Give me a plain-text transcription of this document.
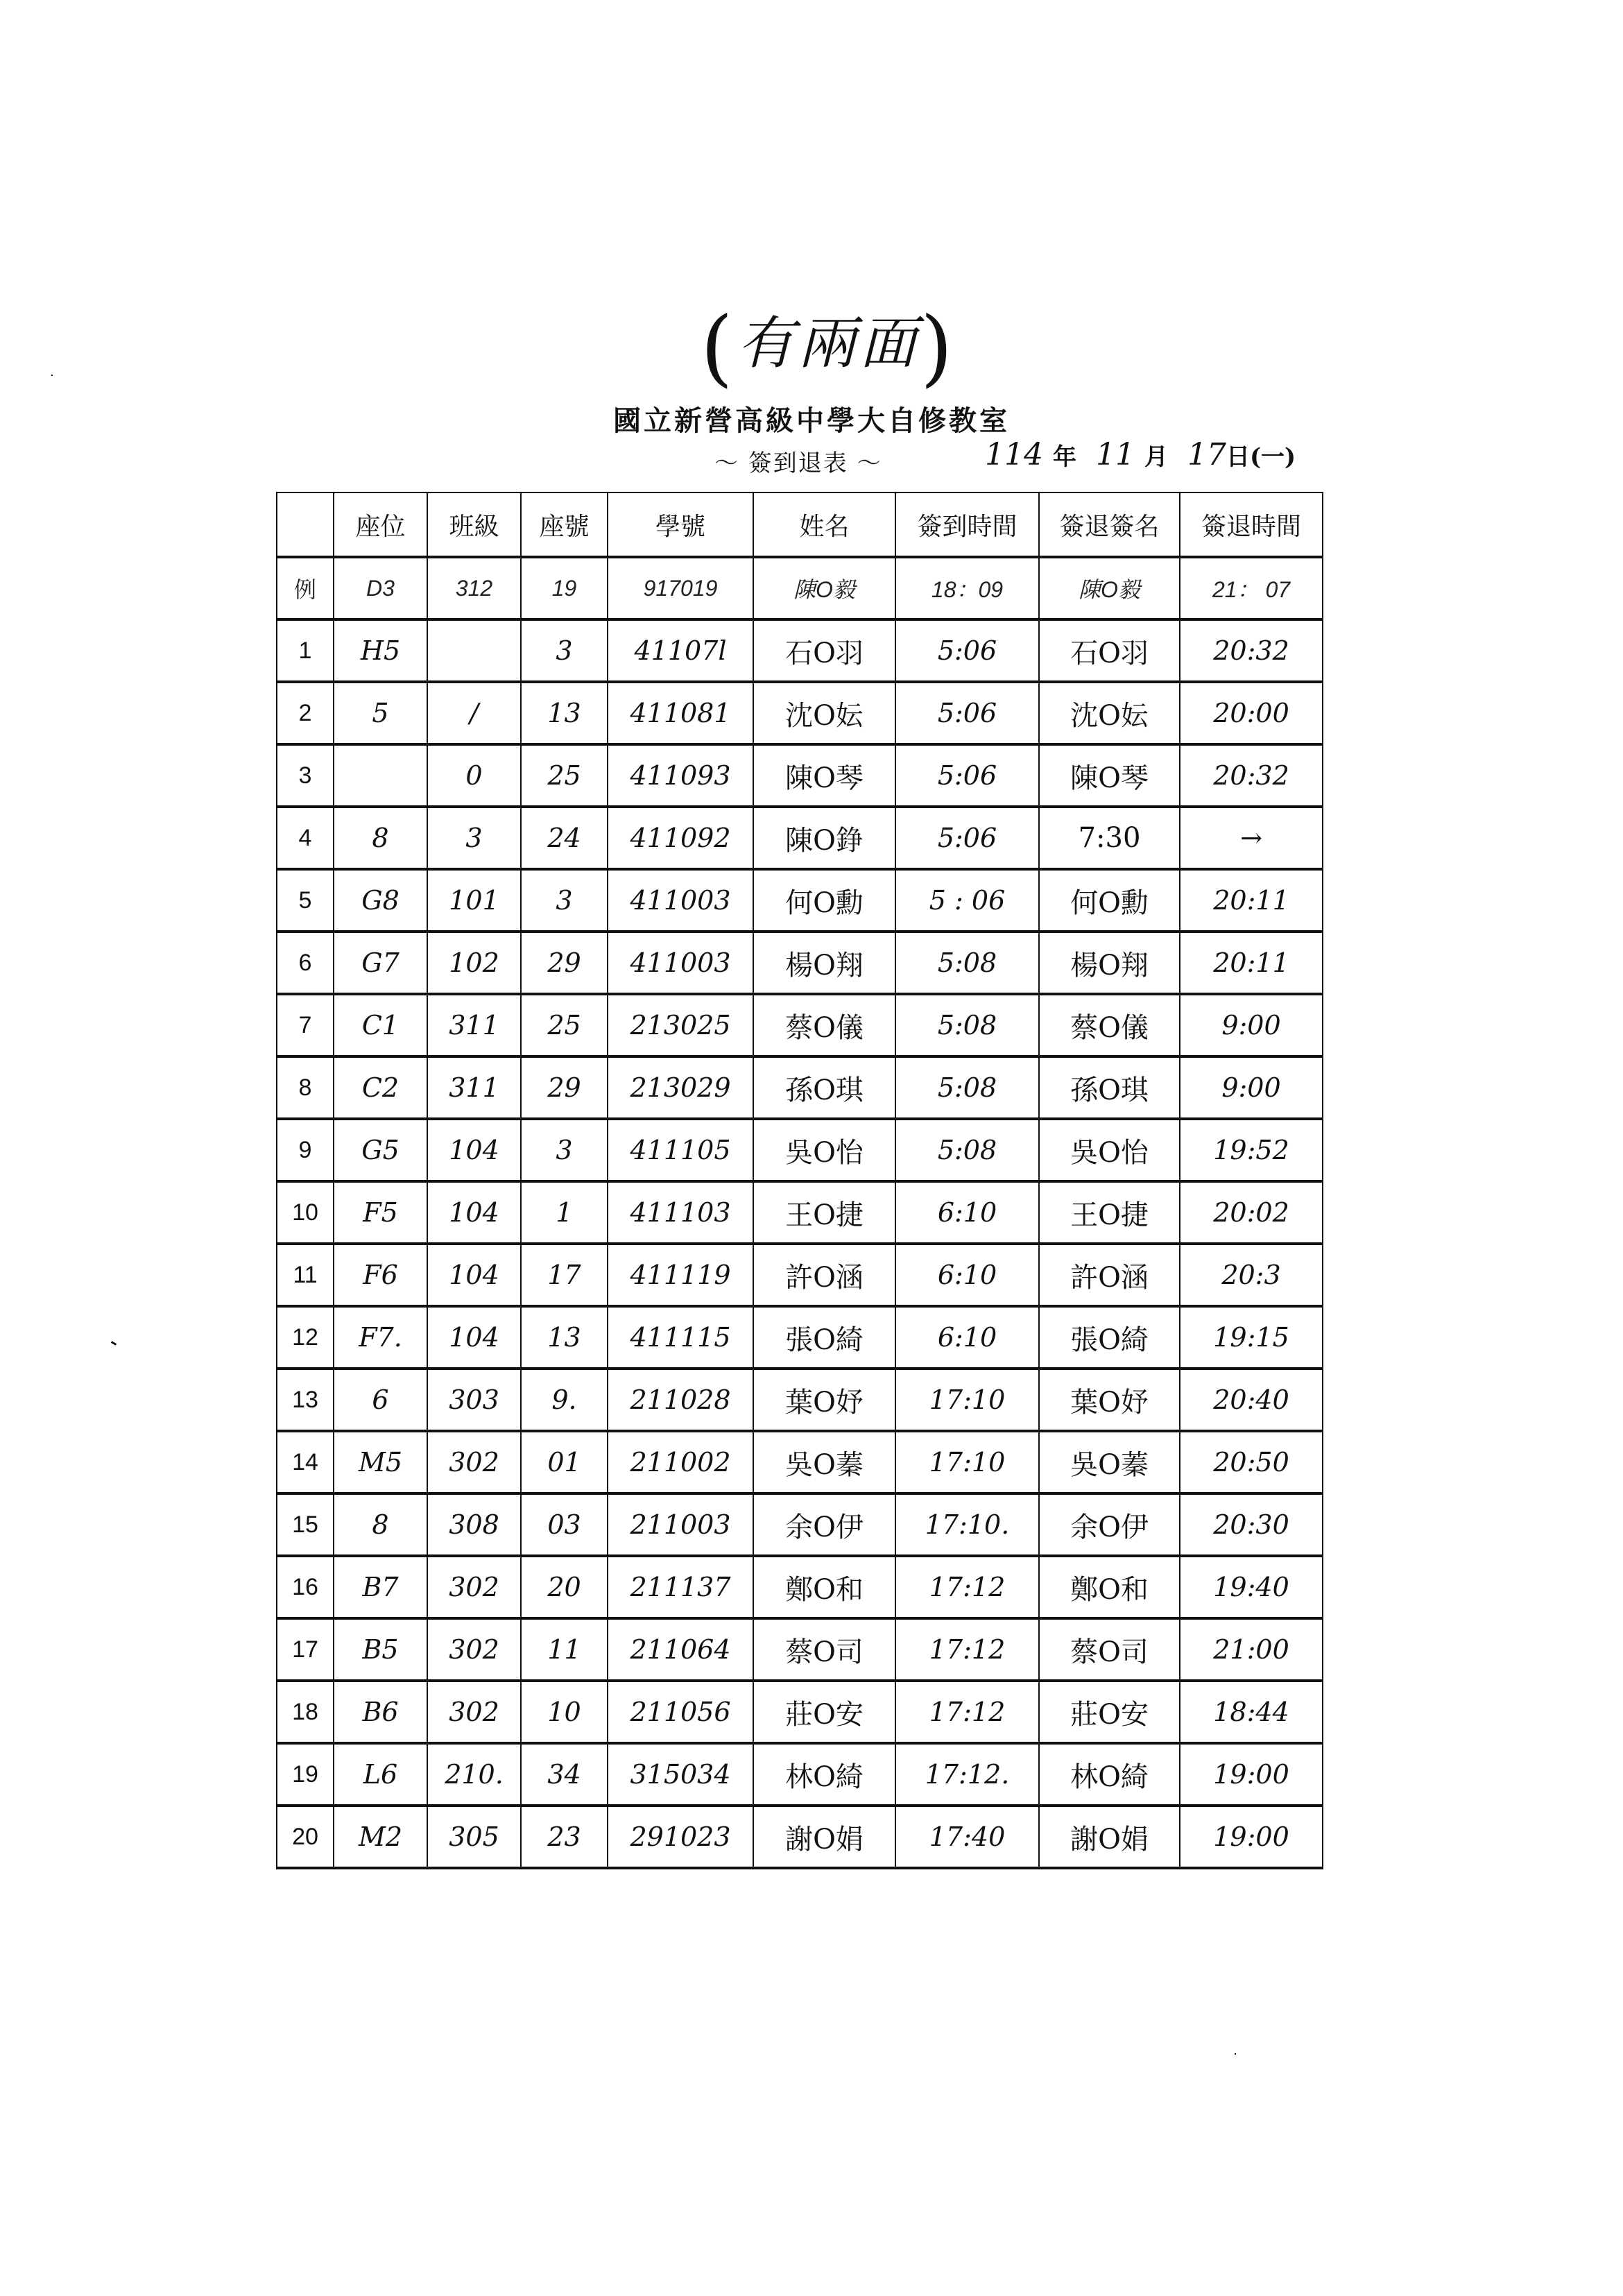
(有兩面)
國立新營高級中學大自修教室
～ 簽到退表 ～	114 年 11 月 17日(一)
	座位	班級	座號	學號	姓名	簽到時間	簽退簽名	簽退時間
例	D3	312	19	917019	陳O毅	18：09	陳O毅	21： 07
1	H5		3	41107l	石O羽	5:06	石O羽	20:32
2	5	/	13	411081	沈O妘	5:06	沈O妘	20:00
3		0	25	411093	陳O琴	5:06	陳O琴	20:32
4	8	3	24	411092	陳O錚	5:06	7:30	→
5	G8	101	3	411003	何O勳	5 : 06	何O勳	20:11
6	G7	102	29	411003	楊O翔	5:08	楊O翔	20:11
7	C1	311	25	213025	蔡O儀	5:08	蔡O儀	9:00
8	C2	311	29	213029	孫O琪	5:08	孫O琪	9:00
9	G5	104	3	411105	吳O怡	5:08	吳O怡	19:52
10	F5	104	1	411103	王O捷	6:10	王O捷	20:02
11	F6	104	17	411119	許O涵	6:10	許O涵	20:3
12	F7.	104	13	411115	張O綺	6:10	張O綺	19:15
13	6	303	9.	211028	葉O妤	17:10	葉O妤	20:40
14	M5	302	01	211002	吳O蓁	17:10	吳O蓁	20:50
15	8	308	03	211003	余O伊	17:10.	余O伊	20:30
16	B7	302	20	211137	鄭O和	17:12	鄭O和	19:40
17	B5	302	11	211064	蔡O司	17:12	蔡O司	21:00
18	B6	302	10	211056	莊O安	17:12	莊O安	18:44
19	L6	210.	34	315034	林O綺	17:12.	林O綺	19:00
20	M2	305	23	291023	謝O娟	17:40	謝O娟	19:00
